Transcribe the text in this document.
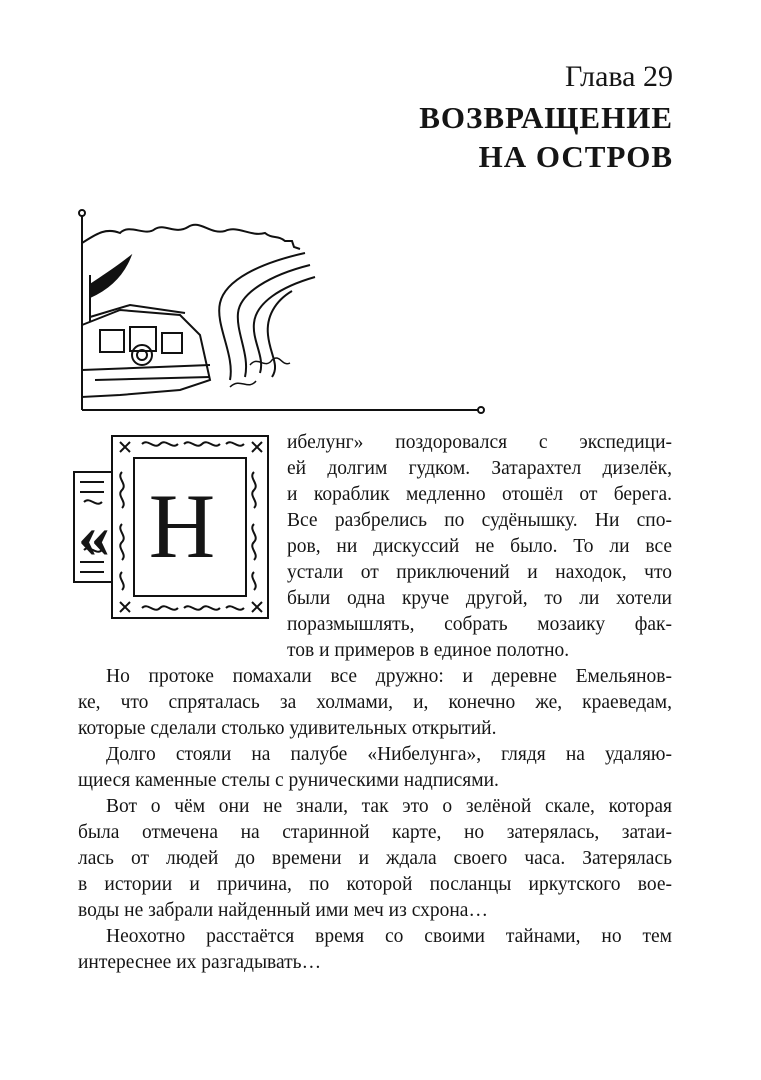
Глава 29
ВОЗВРАЩЕНИЕ
НА ОСТРОВ
« Н
ибелунг» поздоровался с экспедици-
ей долгим гудком. Затарахтел дизелёк,
и кораблик медленно отошёл от берега.
Все разбрелись по судёнышку. Ни спо-
ров, ни дискуссий не было. То ли все
устали от приключений и находок, что
были одна круче другой, то ли хотели
поразмышлять, собрать мозаику фак-
тов и примеров в единое полотно.
Но протоке помахали все дружно: и деревне Емельянов-
ке, что спряталась за холмами, и, конечно же, краеведам,
которые сделали столько удивительных открытий.
Долго стояли на палубе «Нибелунга», глядя на удаляю-
щиеся каменные стелы с руническими надписями.
Вот о чём они не знали, так это о зелёной скале, которая
была отмечена на старинной карте, но затерялась, затаи-
лась от людей до времени и ждала своего часа. Затерялась
в истории и причина, по которой посланцы иркутского вое-
воды не забрали найденный ими меч из схрона…
Неохотно расстаётся время со своими тайнами, но тем
интереснее их разгадывать…
